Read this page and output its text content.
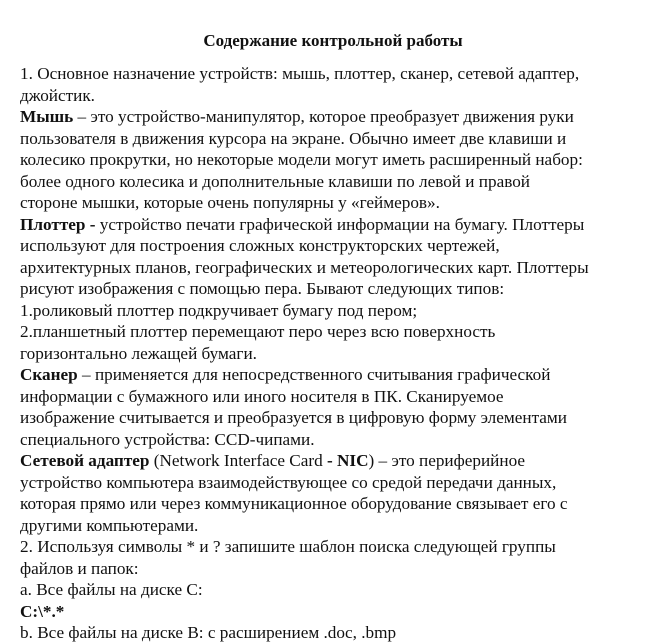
Содержание контрольной работы
1. Основное назначение устройств: мышь, плоттер, сканер, сетевой адаптер,
джойстик.
Мышь – это устройство-манипулятор, которое преобразует движения руки
пользователя в движения курсора на экране. Обычно имеет две клавиши и
колесико прокрутки, но некоторые модели могут иметь расширенный набор:
более одного колесика и дополнительные клавиши по левой и правой
стороне мышки, которые очень популярны у «геймеров».
Плоттер - устройство печати графической информации на бумагу. Плоттеры
используют для построения сложных конструкторских чертежей,
архитектурных планов, географических и метеорологических карт. Плоттеры
рисуют изображения с помощью пера. Бывают следующих типов:
1.роликовый плоттер подкручивает бумагу под пером;
2.планшетный плоттер перемещают перо через всю поверхность
горизонтально лежащей бумаги.
Сканер – применяется для непосредственного считывания графической
информации с бумажного или иного носителя в ПК. Сканируемое
изображение считывается и преобразуется в цифровую форму элементами
специального устройства: CCD-чипами.
Сетевой адаптер (Network Interface Card - NIC) – это периферийное
устройство компьютера взаимодействующее со средой передачи данных,
которая прямо или через коммуникационное оборудование связывает его с
другими компьютерами.
2. Используя символы * и ? запишите шаблон поиска следующей группы
файлов и папок:
а. Все файлы на диске С:
С:\*.*
b. Все файлы на диске В: с расширением .doc, .bmp
